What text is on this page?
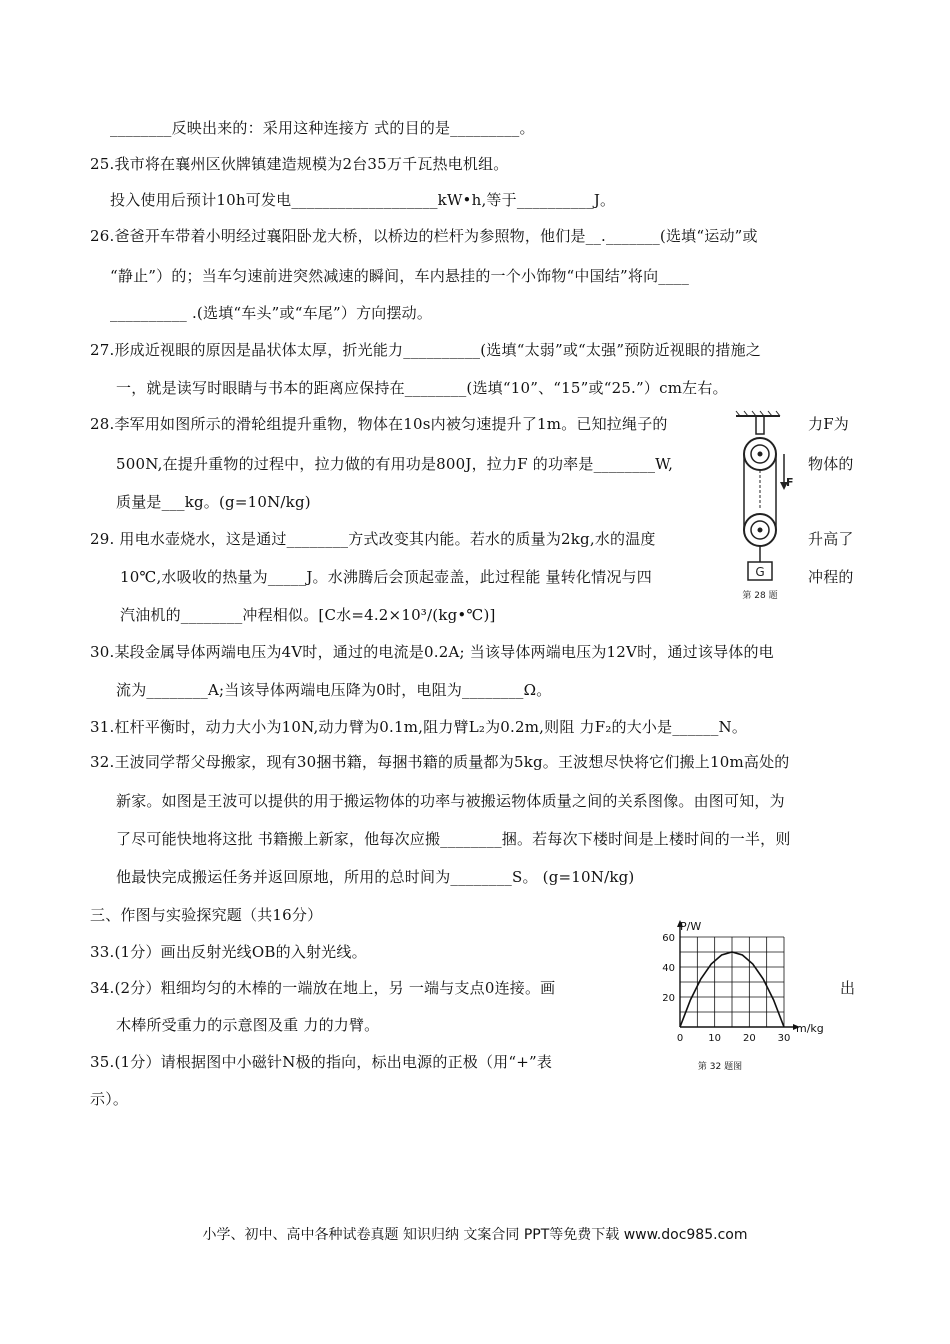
________反映出来的：采用这种连接方 式的目的是_________。
25.我市将在襄州区伙牌镇建造规模为2台35万千瓦热电机组。
投入使用后预计10h可发电___________________kW•h,等于__________J。
26.爸爸开车带着小明经过襄阳卧龙大桥，以桥边的栏杆为参照物，他们是__._______(选填“运动”或
“静止”）的；当车匀速前进突然减速的瞬间，车内悬挂的一个小饰物“中国结”将向____
__________ .(选填“车头”或“车尾”）方向摆动。
27.形成近视眼的原因是晶状体太厚，折光能力__________(选填“太弱”或“太强”预防近视眼的措施之
一，就是读写时眼睛与书本的距离应保持在________(选填“10”、“15”或“25.”）cm左右。
28.李军用如图所示的滑轮组提升重物，物体在10s内被匀速提升了1m。已知拉绳子的	力F为
500N,在提升重物的过程中，拉力做的有用功是800J，拉力F 的功率是________W,	物体的
质量是___kg。(g=10N/kg)
29. 用电水壶烧水，这是通过________方式改变其内能。若水的质量为2kg,水的温度	升高了
10℃,水吸收的热量为_____J。水沸腾后会顶起壶盖，此过程能 量转化情况与四	冲程的
汽油机的________冲程相似。[C水=4.2×10³/(kg•℃)]
30.某段金属导体两端电压为4V时，通过的电流是0.2A; 当该导体两端电压为12V时，通过该导体的电
流为________A;当该导体两端电压降为0时，电阻为________Ω。
31.杠杆平衡时，动力大小为10N,动力臂为0.1m,阻力臂L₂为0.2m,则阻 力F₂的大小是______N。
32.王波同学帮父母搬家，现有30捆书籍，每捆书籍的质量都为5kg。王波想尽快将它们搬上10m高处的
新家。如图是王波可以提供的用于搬运物体的功率与被搬运物体质量之间的关系图像。由图可知，为
了尽可能快地将这批 书籍搬上新家，他每次应搬________捆。若每次下楼时间是上楼时间的一半，则
他最快完成搬运任务并返回原地，所用的总时间为________S。 (g=10N/kg)
三、作图与实验探究题（共16分）
33.(1分）画出反射光线OB的入射光线。
34.(2分）粗细均匀的木棒的一端放在地上，另 一端与支点0连接。画	出
木棒所受重力的示意图及重 力的力臂。
35.(1分）请根据图中小磁针N极的指向，标出电源的正极（用“+”表
示）。
F
G
第 28 题
0	10 20 30
20
40
60
P/W
m/kg
第 32 题图
小学、初中、高中各种试卷真题 知识归纳 文案合同 PPT等免费下载 www.doc985.com
